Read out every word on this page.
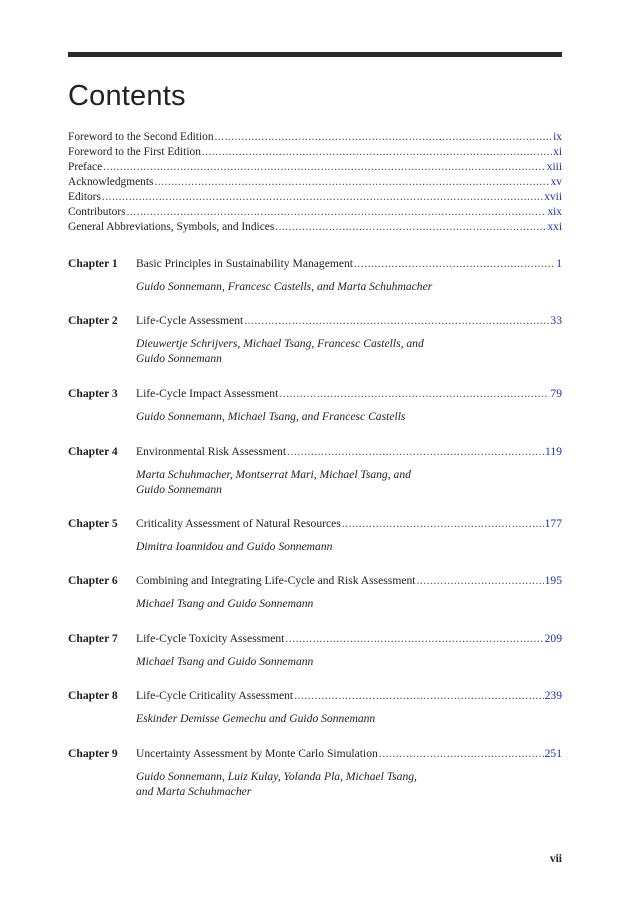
Contents
Foreword to the Second Edition .....	ix
Foreword to the First Edition .....	xi
Preface .....	xiii
Acknowledgments .....	xv
Editors .....	xvii
Contributors .....	xix
General Abbreviations, Symbols, and Indices .....	xxi
Chapter 1	Basic Principles in Sustainability Management .....	1
Guido Sonnemann, Francesc Castells, and Marta Schuhmacher
Chapter 2	Life-Cycle Assessment .....	33
Dieuwertje Schrijvers, Michael Tsang, Francesc Castells, and
Guido Sonnemann
Chapter 3	Life-Cycle Impact Assessment .....	79
Guido Sonnemann, Michael Tsang, and Francesc Castells
Chapter 4	Environmental Risk Assessment .....	119
Marta Schuhmacher, Montserrat Mari, Michael Tsang, and
Guido Sonnemann
Chapter 5	Criticality Assessment of Natural Resources .....	177
Dimitra Ioannidou and Guido Sonnemann
Chapter 6	Combining and Integrating Life-Cycle and Risk Assessment .....	195
Michael Tsang and Guido Sonnemann
Chapter 7	Life-Cycle Toxicity Assessment .....	209
Michael Tsang and Guido Sonnemann
Chapter 8	Life-Cycle Criticality Assessment .....	239
Eskinder Demisse Gemechu and Guido Sonnemann
Chapter 9	Uncertainty Assessment by Monte Carlo Simulation .....	251
Guido Sonnemann, Luiz Kulay, Yolanda Pla, Michael Tsang,
and Marta Schuhmacher
vii
